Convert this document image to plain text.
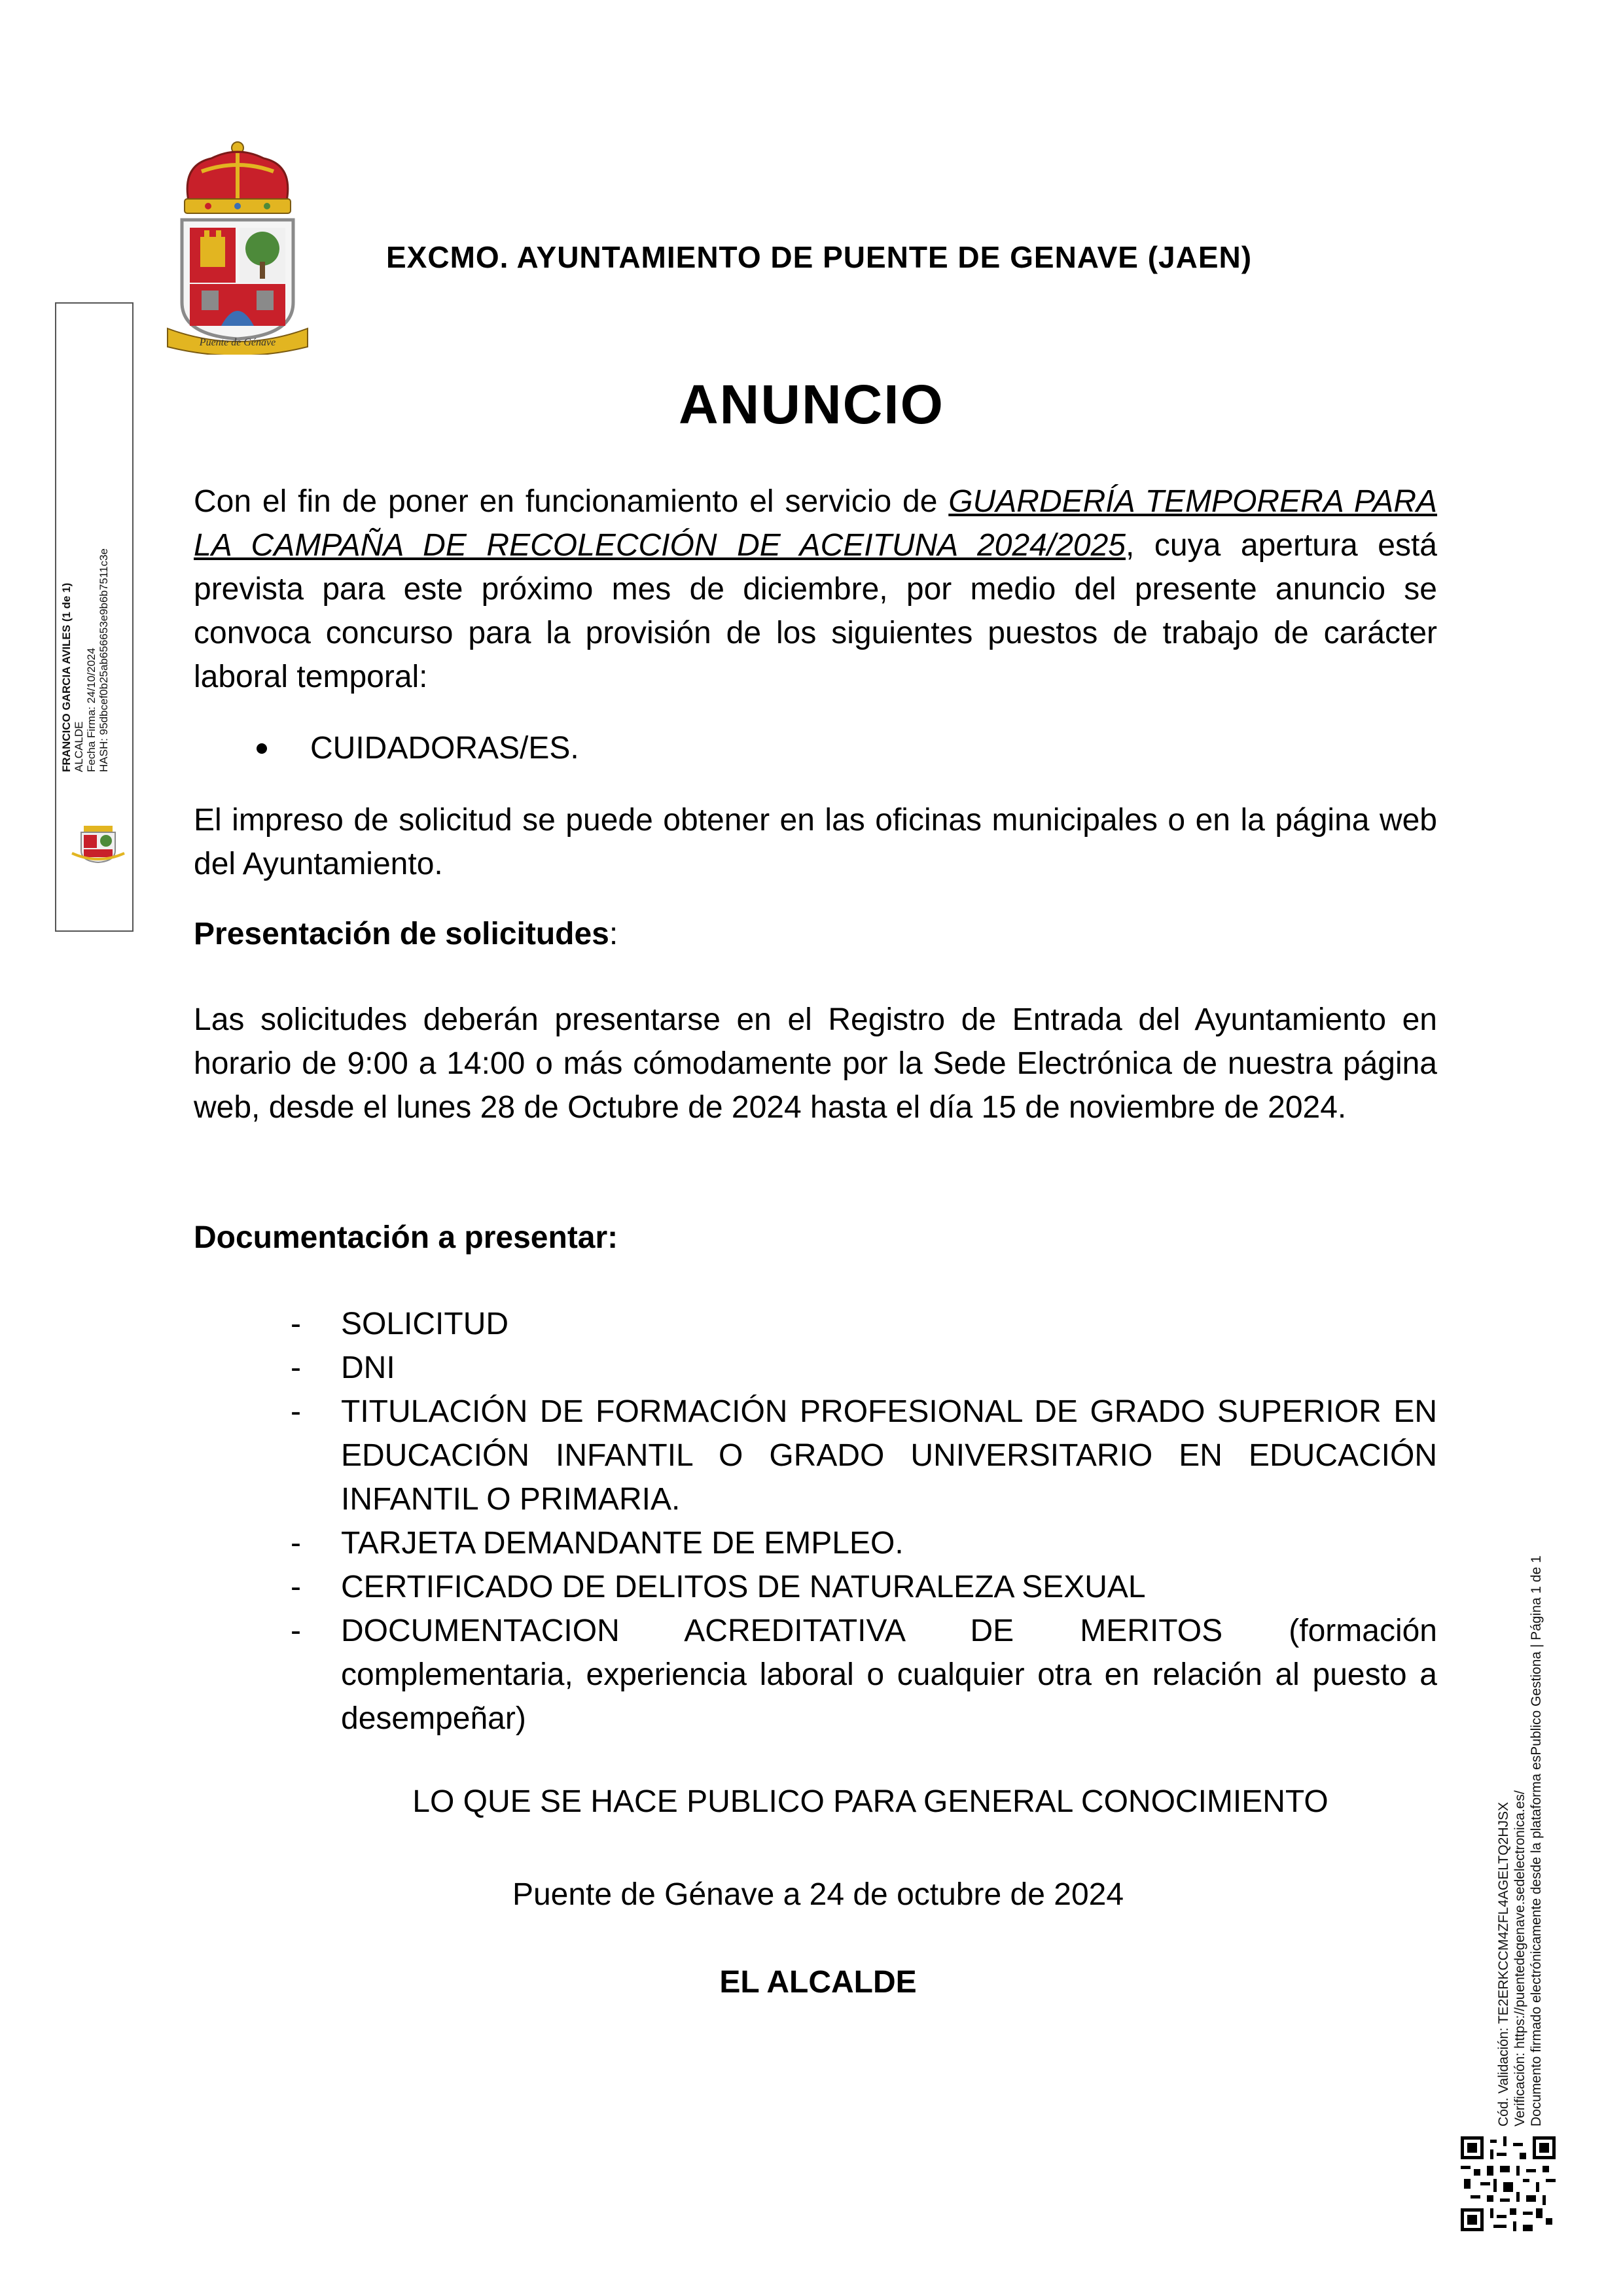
Puente de Génave
EXCMO. AYUNTAMIENTO DE PUENTE DE GENAVE (JAEN)
ANUNCIO
Con el fin de poner en funcionamiento el servicio de GUARDERÍA TEMPORERA PARA LA CAMPAÑA DE RECOLECCIÓN DE ACEITUNA 2024/2025, cuya apertura está prevista para este próximo mes de diciembre, por medio del presente anuncio se convoca concurso para la provisión de los siguientes puestos de trabajo de carácter laboral temporal:
CUIDADORAS/ES.
El impreso de solicitud se puede obtener en las oficinas municipales o en la página web del Ayuntamiento.
Presentación de solicitudes:
Las solicitudes deberán presentarse en el Registro de Entrada del Ayuntamiento en horario de 9:00 a 14:00 o más cómodamente por la Sede Electrónica de nuestra página web, desde el lunes 28 de Octubre de 2024 hasta el día 15 de noviembre de 2024.
Documentación a presentar:
- SOLICITUD
- DNI
- TITULACIÓN DE FORMACIÓN PROFESIONAL DE GRADO SUPERIOR EN EDUCACIÓN INFANTIL O GRADO UNIVERSITARIO EN EDUCACIÓN INFANTIL O PRIMARIA.
- TARJETA DEMANDANTE DE EMPLEO.
- CERTIFICADO DE DELITOS DE NATURALEZA SEXUAL
- DOCUMENTACION ACREDITATIVA DE MERITOS (formación complementaria, experiencia laboral o cualquier otra en relación al puesto a desempeñar)
LO QUE SE HACE PUBLICO PARA GENERAL CONOCIMIENTO
Puente de Génave a 24 de octubre de 2024
EL ALCALDE
FRANCICO GARCIA AVILES (1 de 1) ALCALDE Fecha Firma: 24/10/2024 HASH: 95dbcef0b25ab656653e9b6b7511c3e
Cód. Validación: TE2ERKCCM4ZFL4AGELTQ2HJSX Verificación: https://puentedegenave.sedelectronica.es/ Documento firmado electrónicamente desde la plataforma esPublico Gestiona | Página 1 de 1
